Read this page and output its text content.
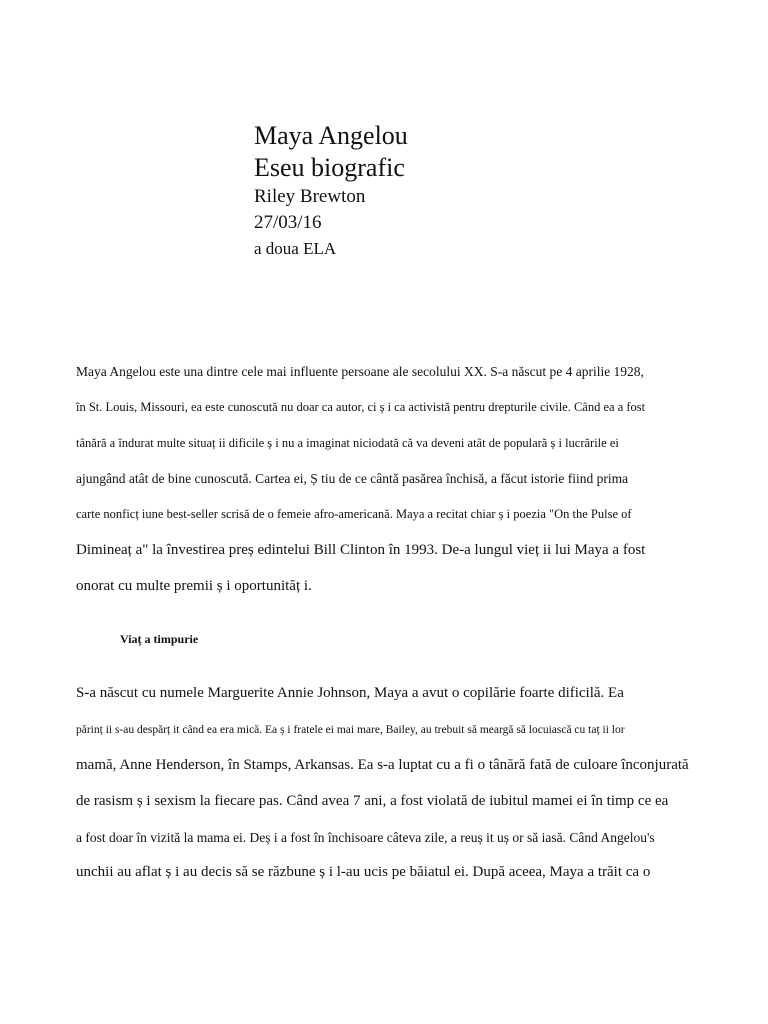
Maya Angelou
Eseu biografic
Riley Brewton
27/03/16
a doua ELA
Maya Angelou este una dintre cele mai influente persoane ale secolului XX. S-a născut pe 4 aprilie 1928,
în St. Louis, Missouri, ea este cunoscută nu doar ca autor, ci ș i ca activistă pentru drepturile civile. Când ea a fost
tânără a îndurat multe situaț ii dificile ș i nu a imaginat niciodată că va deveni atât de populară ș i lucrările ei
ajungând atât de bine cunoscută. Cartea ei, Ș tiu de ce cântă pasărea închisă, a făcut istorie fiind prima
carte nonficț iune best-seller scrisă de o femeie afro-americană. Maya a recitat chiar ș i poezia "On the Pulse of
Dimineaț a" la învestirea preș edintelui Bill Clinton în 1993. De-a lungul vieț ii lui Maya a fost
onorat cu multe premii ș i oportunităț i.
Viaț a timpurie
S-a născut cu numele Marguerite Annie Johnson, Maya a avut o copilărie foarte dificilă. Ea
părinț ii s-au despărț it când ea era mică. Ea ș i fratele ei mai mare, Bailey, au trebuit să meargă să locuiască cu taț ii lor
mamă, Anne Henderson, în Stamps, Arkansas. Ea s-a luptat cu a fi o tânără fată de culoare înconjurată
de rasism ș i sexism la fiecare pas. Când avea 7 ani, a fost violată de iubitul mamei ei în timp ce ea
a fost doar în vizită la mama ei. Deș i a fost în închisoare câteva zile, a reuș it uș or să iasă. Când Angelou's
unchii au aflat ș i au decis să se răzbune ș i l-au ucis pe băiatul ei. După aceea, Maya a trăit ca o
